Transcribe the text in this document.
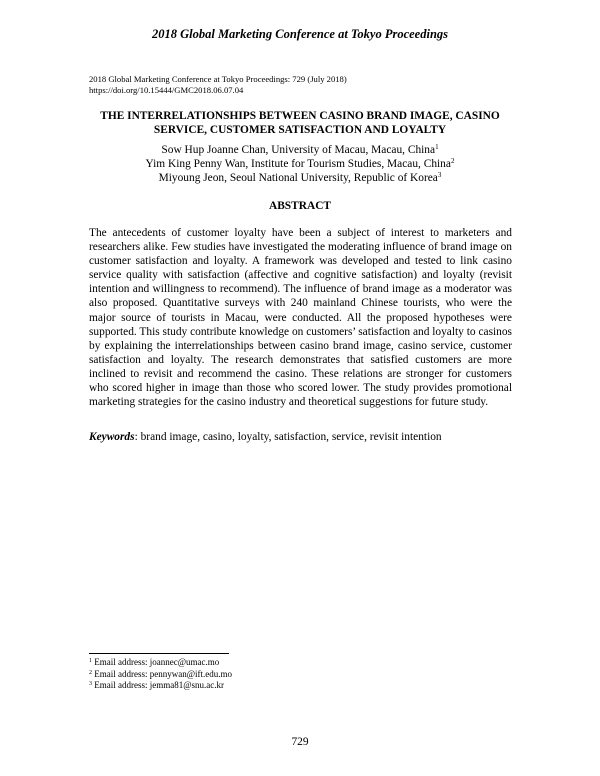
2018 Global Marketing Conference at Tokyo Proceedings
2018 Global Marketing Conference at Tokyo Proceedings: 729 (July 2018)
https://doi.org/10.15444/GMC2018.06.07.04
THE INTERRELATIONSHIPS BETWEEN CASINO BRAND IMAGE, CASINO
SERVICE, CUSTOMER SATISFACTION AND LOYALTY
Sow Hup Joanne Chan, University of Macau, Macau, China$^1$
Yim King Penny Wan, Institute for Tourism Studies, Macau, China$^2$
Miyoung Jeon, Seoul National University, Republic of Korea$^3$
ABSTRACT

The antecedents of customer loyalty have been a subject of interest to marketers and researchers alike. Few studies have investigated the moderating influence of brand image on customer satisfaction and loyalty. A framework was developed and tested to link casino service quality with satisfaction (affective and cognitive satisfaction) and loyalty (revisit intention and willingness to recommend). The influence of brand image as a moderator was also proposed. Quantitative surveys with 240 mainland Chinese tourists, who were the major source of tourists in Macau, were conducted. All the proposed hypotheses were supported. This study contribute knowledge on customers’ satisfaction and loyalty to casinos by explaining the interrelationships between casino brand image, casino service, customer satisfaction and loyalty. The research demonstrates that satisfied customers are more inclined to revisit and recommend the casino. These relations are stronger for customers who scored higher in image than those who scored lower. The study provides promotional marketing strategies for the casino industry and theoretical suggestions for future study.

Keywords: brand image, casino, loyalty, satisfaction, service, revisit intention
$^1$ Email address: joannec@umac.mo
$^2$ Email address: pennywan@ift.edu.mo
$^3$ Email address: jemma81@snu.ac.kr
729
